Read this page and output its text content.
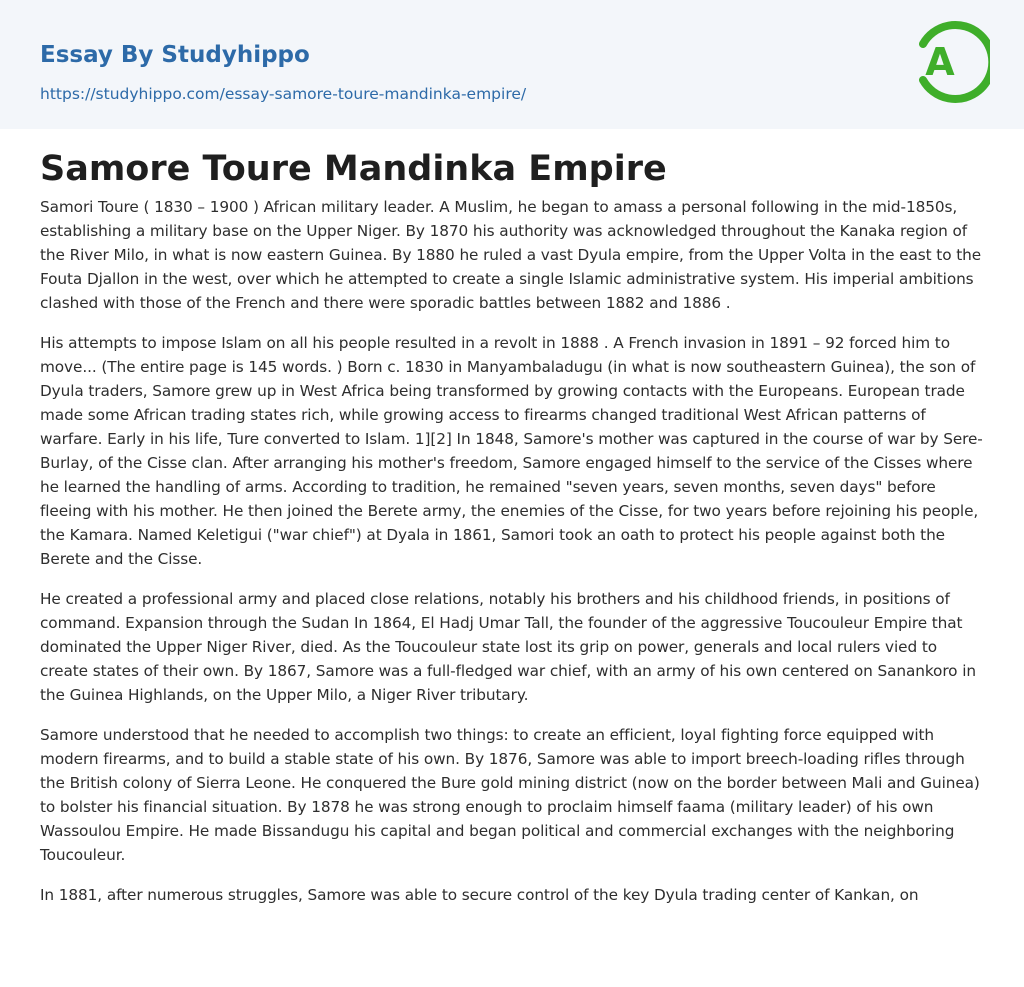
Essay By Studyhippo
https://studyhippo.com/essay-samore-toure-mandinka-empire/
A
Samore Toure Mandinka Empire

Samori Toure ( 1830 – 1900 ) African military leader. A Muslim, he began to amass a personal following in the mid-1850s, establishing a military base on the Upper Niger. By 1870 his authority was acknowledged throughout the Kanaka region of the River Milo, in what is now eastern Guinea. By 1880 he ruled a vast Dyula empire, from the Upper Volta in the east to the Fouta Djallon in the west, over which he attempted to create a single Islamic administrative system. His imperial ambitions clashed with those of the French and there were sporadic battles between 1882 and 1886 .

His attempts to impose Islam on all his people resulted in a revolt in 1888 . A French invasion in 1891 – 92 forced him to move... (The entire page is 145 words. ) Born c. 1830 in Manyambaladugu (in what is now southeastern Guinea), the son of Dyula traders, Samore grew up in West Africa being transformed by growing contacts with the Europeans. European trade made some African trading states rich, while growing access to firearms changed traditional West African patterns of warfare. Early in his life, Ture converted to Islam. 1][2] In 1848, Samore's mother was captured in the course of war by Sere-Burlay, of the Cisse clan. After arranging his mother's freedom, Samore engaged himself to the service of the Cisses where he learned the handling of arms. According to tradition, he remained "seven years, seven months, seven days" before fleeing with his mother. He then joined the Berete army, the enemies of the Cisse, for two years before rejoining his people, the Kamara. Named Keletigui ("war chief") at Dyala in 1861, Samori took an oath to protect his people against both the Berete and the Cisse.

He created a professional army and placed close relations, notably his brothers and his childhood friends, in positions of command. Expansion through the Sudan In 1864, El Hadj Umar Tall, the founder of the aggressive Toucouleur Empire that dominated the Upper Niger River, died. As the Toucouleur state lost its grip on power, generals and local rulers vied to create states of their own. By 1867, Samore was a full-fledged war chief, with an army of his own centered on Sanankoro in the Guinea Highlands, on the Upper Milo, a Niger River tributary.

Samore understood that he needed to accomplish two things: to create an efficient, loyal fighting force equipped with modern firearms, and to build a stable state of his own. By 1876, Samore was able to import breech-loading rifles through the British colony of Sierra Leone. He conquered the Bure gold mining district (now on the border between Mali and Guinea) to bolster his financial situation. By 1878 he was strong enough to proclaim himself faama (military leader) of his own Wassoulou Empire. He made Bissandugu his capital and began political and commercial exchanges with the neighboring Toucouleur.

In 1881, after numerous struggles, Samore was able to secure control of the key Dyula trading center of Kankan, on
